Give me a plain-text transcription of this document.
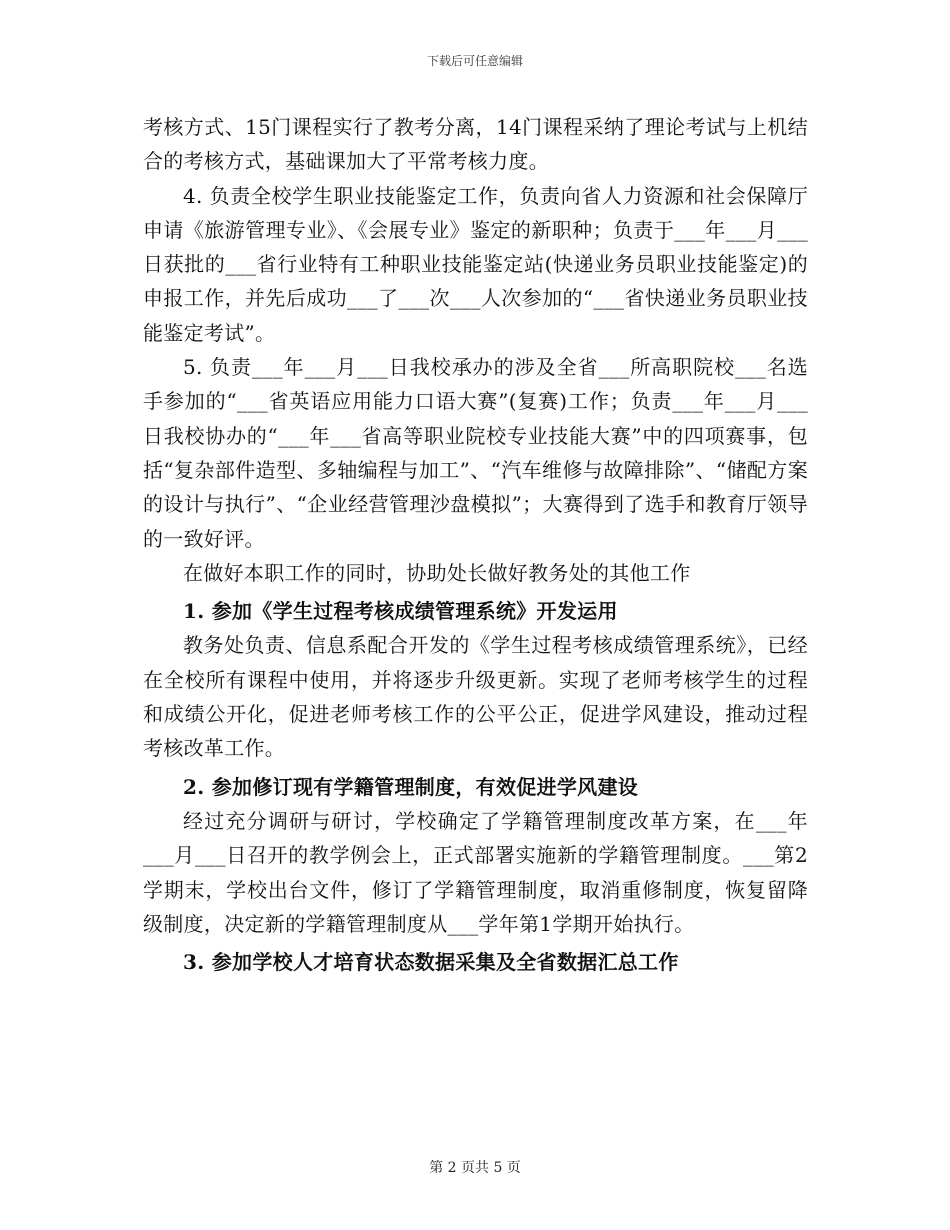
下载后可任意编辑

考核方式、15门课程实行了教考分离，14门课程采纳了理论考试与上机结合的考核方式，基础课加大了平常考核力度。

4. 负责全校学生职业技能鉴定工作，负责向省人力资源和社会保障厅申请《旅游管理专业》、《会展专业》鉴定的新职种；负责于___年___月___日获批的___省行业特有工种职业技能鉴定站(快递业务员职业技能鉴定)的申报工作，并先后成功___了___次___人次参加的“___省快递业务员职业技能鉴定考试”。

5. 负责___年___月___日我校承办的涉及全省___所高职院校___名选手参加的“___省英语应用能力口语大赛”(复赛)工作；负责___年___月___日我校协办的“___年___省高等职业院校专业技能大赛”中的四项赛事，包括“复杂部件造型、多轴编程与加工”、“汽车维修与故障排除”、“储配方案的设计与执行”、“企业经营管理沙盘模拟”；大赛得到了选手和教育厅领导的一致好评。

在做好本职工作的同时，协助处长做好教务处的其他工作

1. 参加《学生过程考核成绩管理系统》开发运用

教务处负责、信息系配合开发的《学生过程考核成绩管理系统》，已经在全校所有课程中使用，并将逐步升级更新。实现了老师考核学生的过程和成绩公开化，促进老师考核工作的公平公正，促进学风建设，推动过程考核改革工作。

2. 参加修订现有学籍管理制度，有效促进学风建设

经过充分调研与研讨，学校确定了学籍管理制度改革方案，在___年___月___日召开的教学例会上，正式部署实施新的学籍管理制度。___第2学期末，学校出台文件，修订了学籍管理制度，取消重修制度，恢复留降级制度，决定新的学籍管理制度从___学年第1学期开始执行。

3. 参加学校人才培育状态数据采集及全省数据汇总工作

第 2 页共 5 页
